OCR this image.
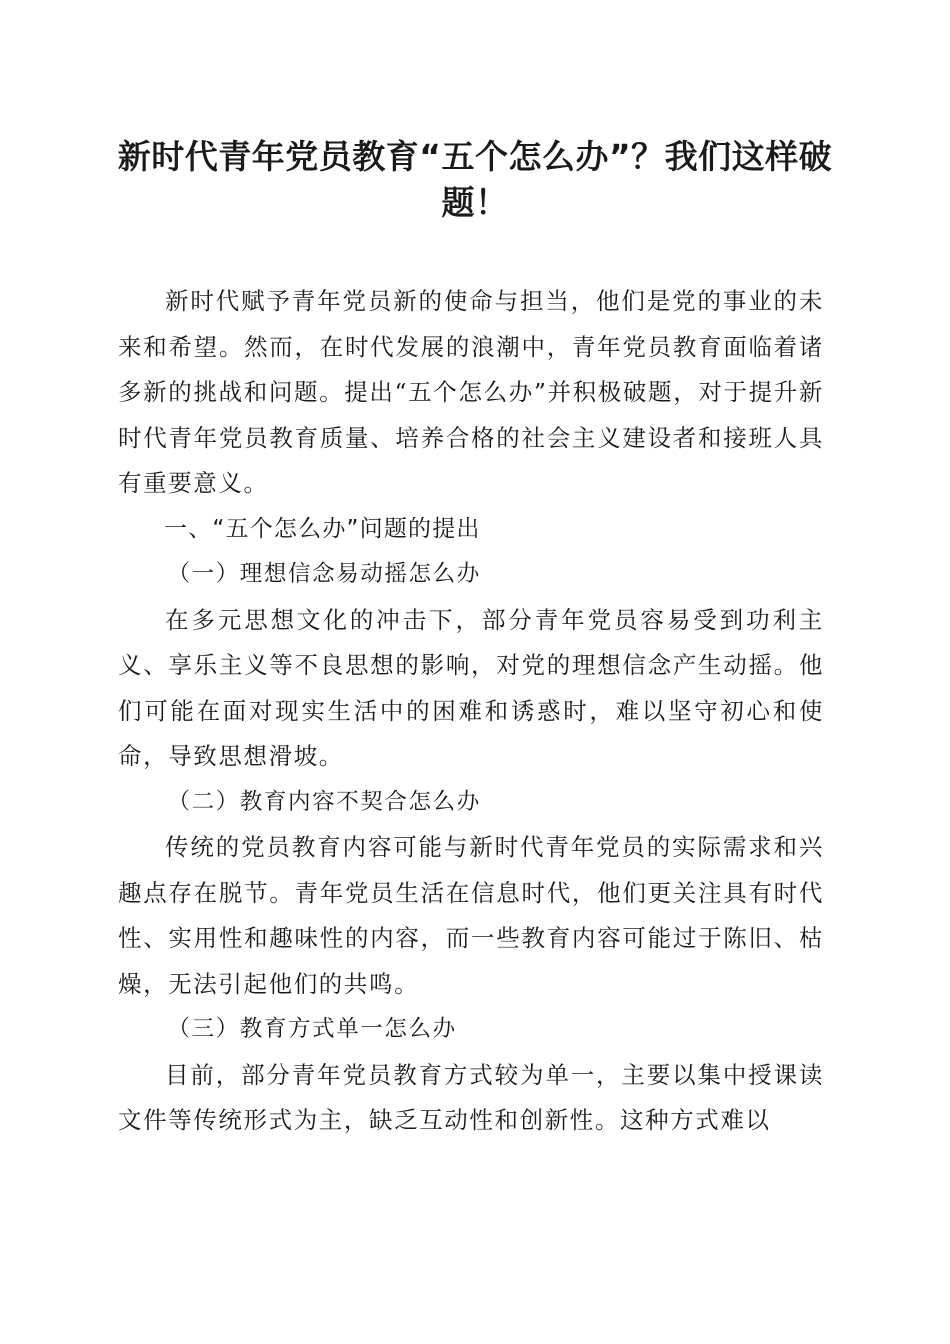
新时代青年党员教育“五个怎么办”？我们这样破题！

新时代赋予青年党员新的使命与担当，他们是党的事业的未来和希望。然而，在时代发展的浪潮中，青年党员教育面临着诸多新的挑战和问题。提出“五个怎么办”并积极破题，对于提升新时代青年党员教育质量、培养合格的社会主义建设者和接班人具有重要意义。

一、“五个怎么办”问题的提出

（一）理想信念易动摇怎么办

在多元思想文化的冲击下，部分青年党员容易受到功利主义、享乐主义等不良思想的影响，对党的理想信念产生动摇。他们可能在面对现实生活中的困难和诱惑时，难以坚守初心和使命，导致思想滑坡。

（二）教育内容不契合怎么办

传统的党员教育内容可能与新时代青年党员的实际需求和兴趣点存在脱节。青年党员生活在信息时代，他们更关注具有时代性、实用性和趣味性的内容，而一些教育内容可能过于陈旧、枯燥，无法引起他们的共鸣。

（三）教育方式单一怎么办

目前，部分青年党员教育方式较为单一，主要以集中授课读文件等传统形式为主，缺乏互动性和创新性。这种方式难以
